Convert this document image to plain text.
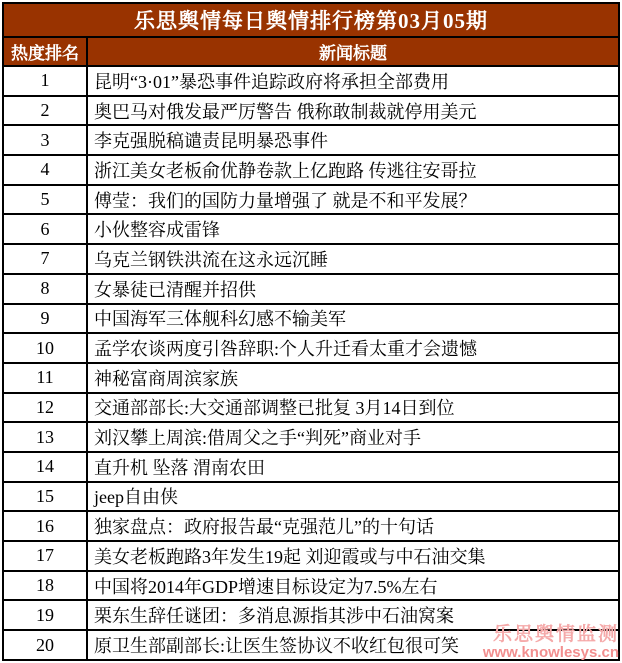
乐思舆情每日舆情排行榜第03月05期	
热度排名	新闻标题
1	昆明“3·01”暴恐事件追踪政府将承担全部费用
2	奥巴马对俄发最严厉警告 俄称敢制裁就停用美元
3	李克强脱稿谴责昆明暴恐事件
4	浙江美女老板俞优静卷款上亿跑路 传逃往安哥拉
5	傅莹：我们的国防力量增强了 就是不和平发展？
6	小伙整容成雷锋
7	乌克兰钢铁洪流在这永远沉睡
8	女暴徒已清醒并招供
9	中国海军三体舰科幻感不输美军
10	孟学农谈两度引咎辞职:个人升迁看太重才会遗憾
11	神秘富商周滨家族
12	交通部部长:大交通部调整已批复 3月14日到位
13	刘汉攀上周滨:借周父之手“判死”商业对手
14	直升机 坠落 渭南农田
15	jeep自由侠
16	独家盘点：政府报告最“克强范儿”的十句话
17	美女老板跑路3年发生19起 刘迎霞或与中石油交集
18	中国将2014年GDP增速目标设定为7.5%左右
19	栗东生辞任谜团：多消息源指其涉中石油窝案
20	原卫生部副部长:让医生签协议不收红包很可笑
乐思舆情监测
www.knowlesys.cn
